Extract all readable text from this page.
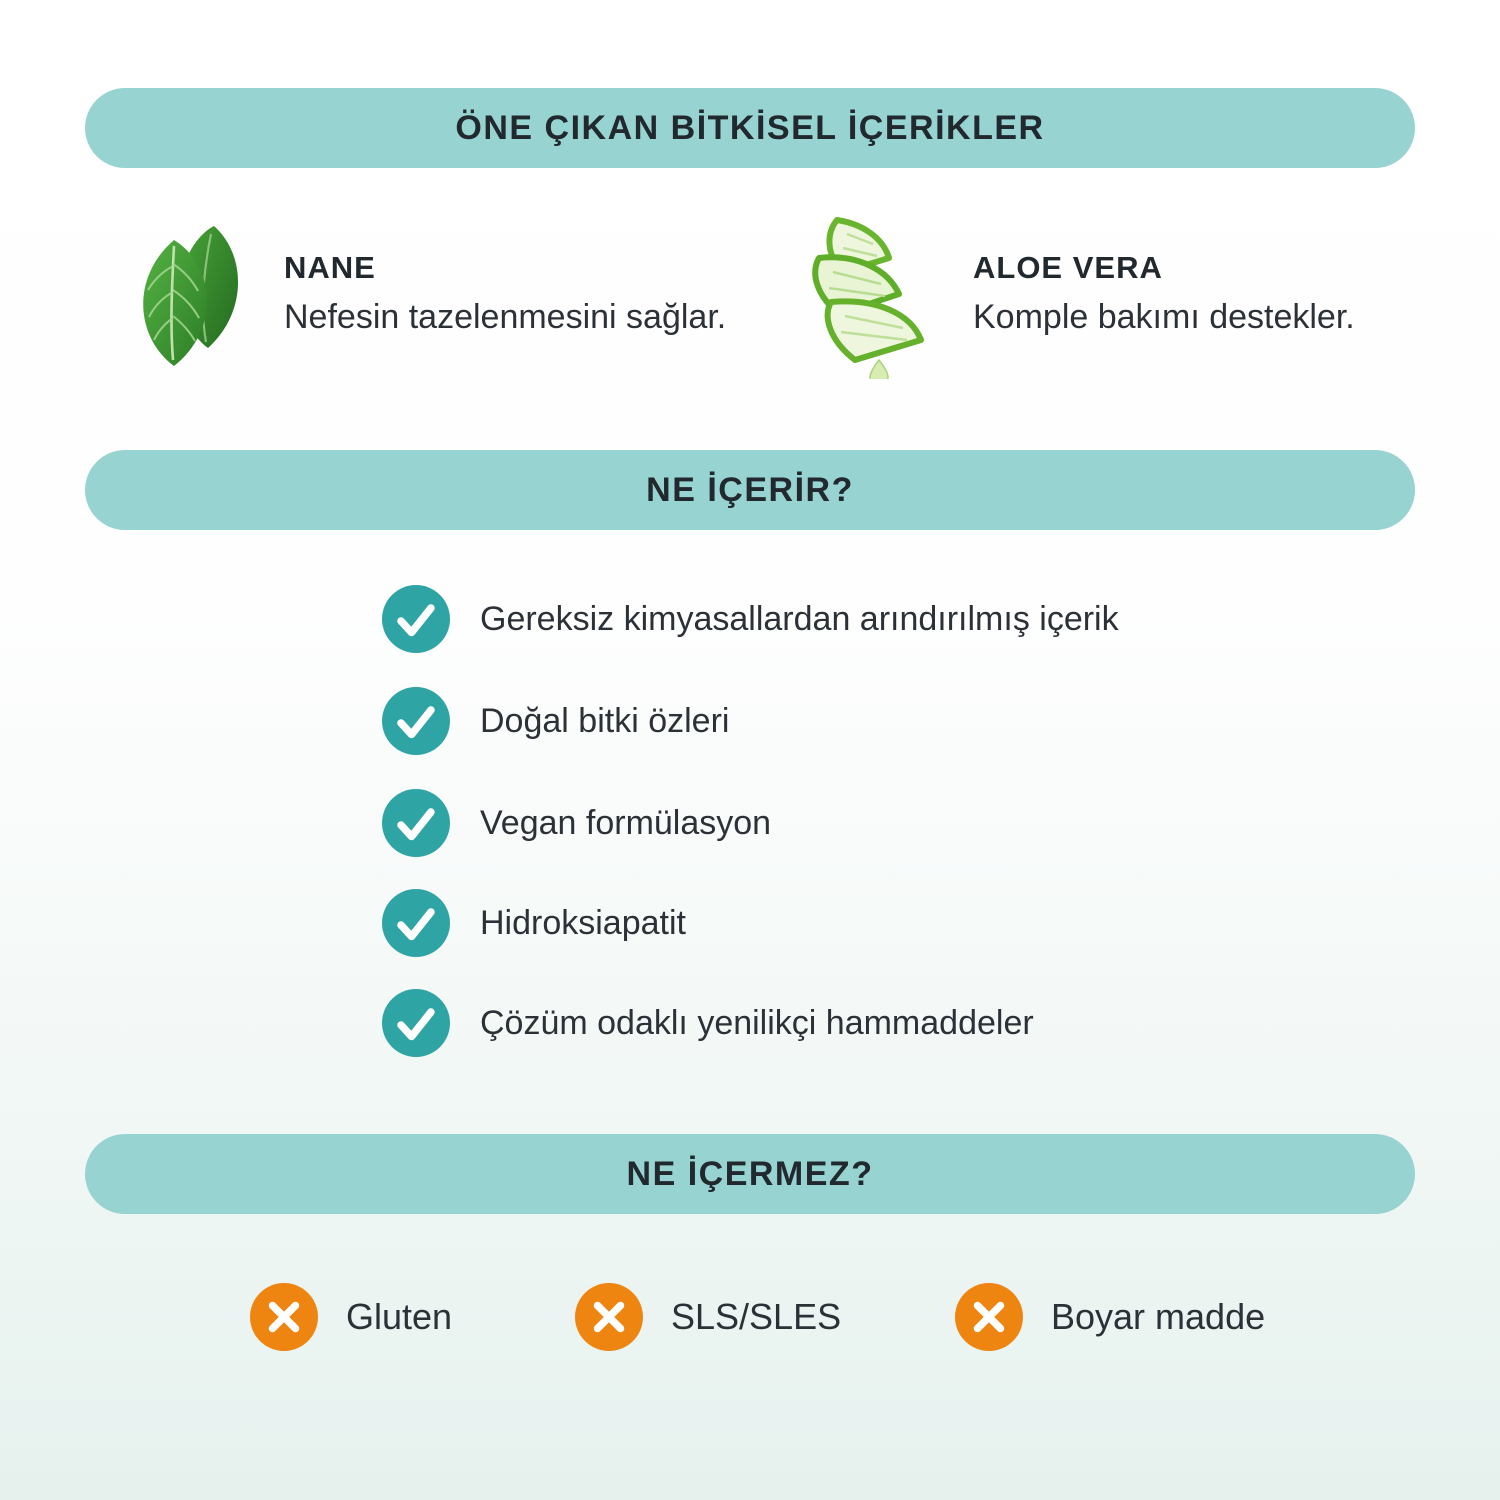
ÖNE ÇIKAN BİTKİSEL İÇERİKLER
NANE
Nefesin tazelenmesini sağlar.
ALOE VERA
Komple bakımı destekler.
NE İÇERİR?
Gereksiz kimyasallardan arındırılmış içerik
Doğal bitki özleri
Vegan formülasyon
Hidroksiapatit
Çözüm odaklı yenilikçi hammaddeler
NE İÇERMEZ?
Gluten	SLS/SLES	Boyar madde
